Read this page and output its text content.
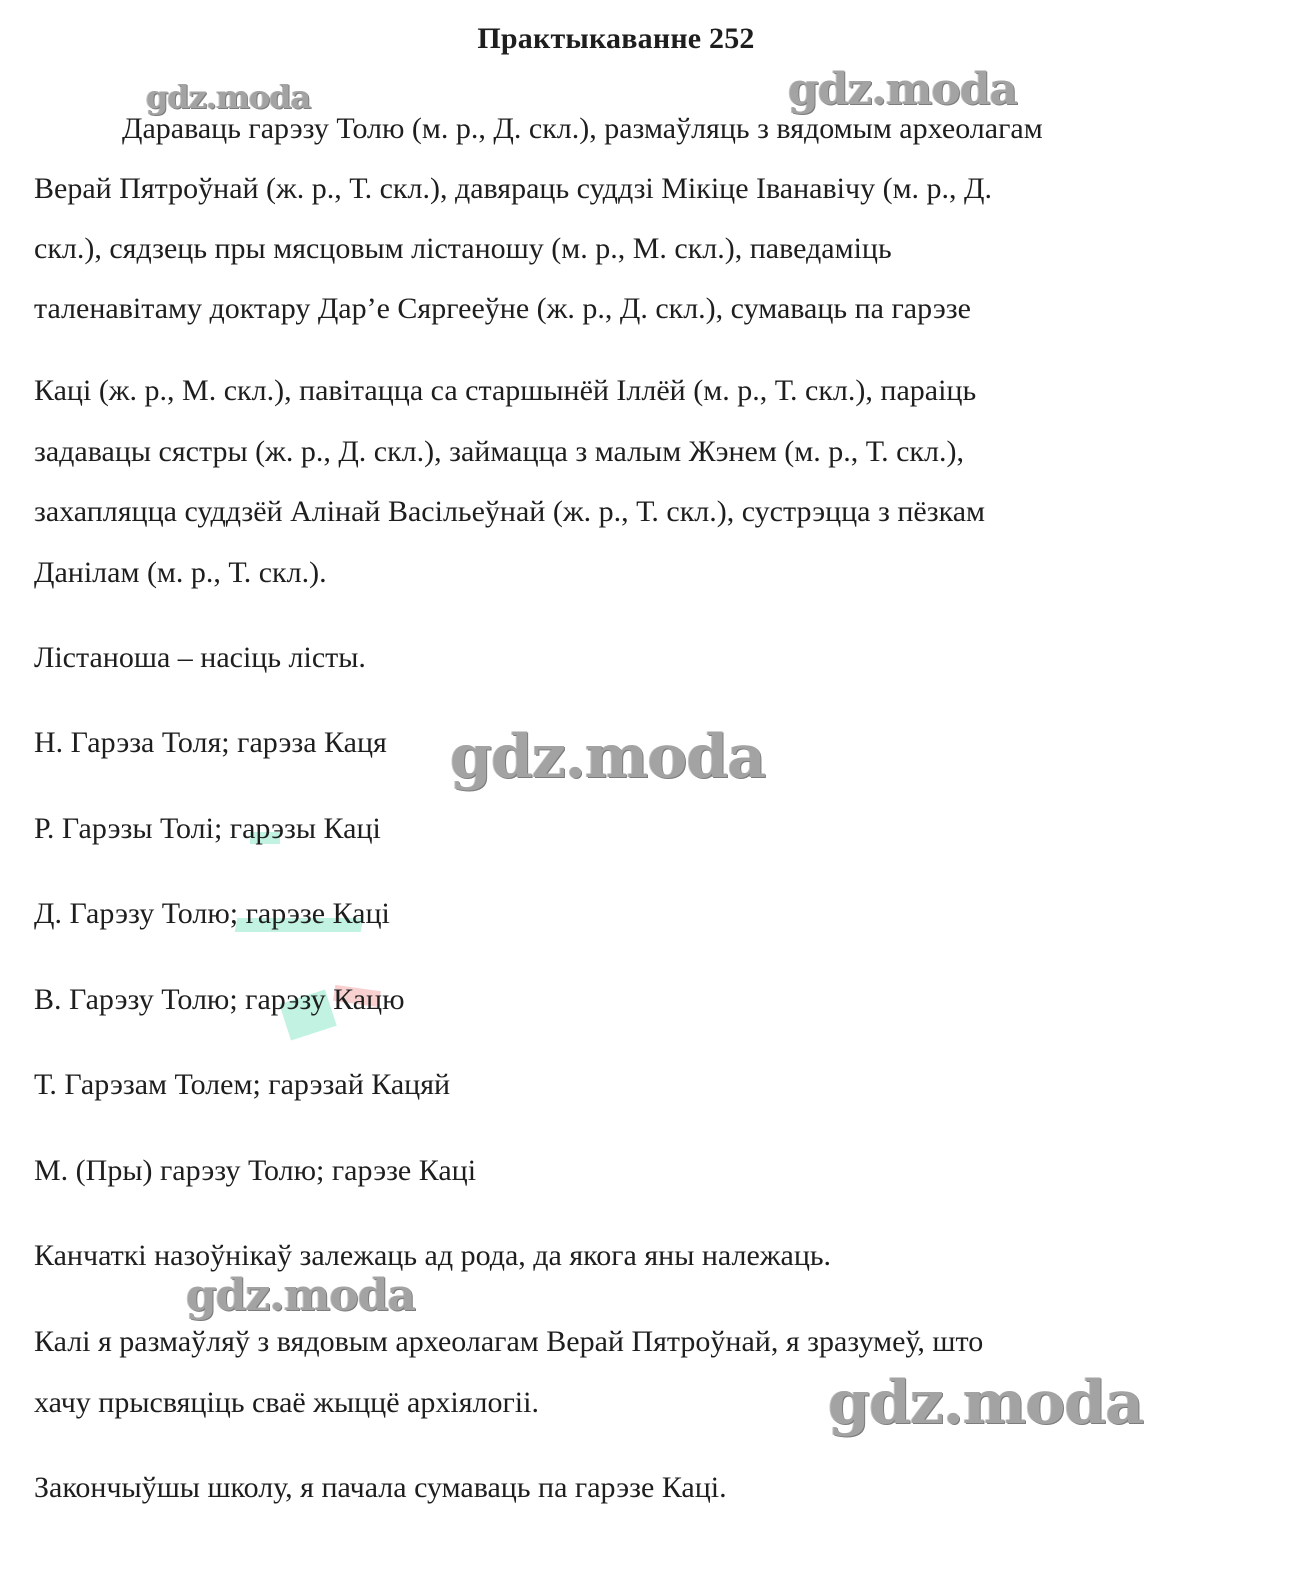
gdz.moda	gdz.moda
gdz.moda
gdz.moda
gdz.moda
Практыкаванне 252
Дараваць гарэзу Толю (м. р., Д. скл.), размаўляць з вядомым археолагам
Верай Пятроўнай (ж. р., Т. скл.), давяраць суддзі Мікіце Іванавічу (м. р., Д.
скл.), сядзець пры мясцовым лістаношу (м. р., М. скл.), паведаміць
таленавітаму доктару Дар’е Сяргееўне (ж. р., Д. скл.), сумаваць па гарэзе
Каці (ж. р., М. скл.), павітацца са старшынёй Іллёй (м. р., Т. скл.), параіць
задавацы сястры (ж. р., Д. скл.), займацца з малым Жэнем (м. р., Т. скл.),
захапляцца суддзёй Алінай Васільеўнай (ж. р., Т. скл.), сустрэцца з пёзкам
Данілам (м. р., Т. скл.).
Лістаноша – насіць лісты.
Н. Гарэза Толя; гарэза Каця
Р. Гарэзы Толі; гарэзы Каці
Д. Гарэзу Толю; гарэзе Каці
В. Гарэзу Толю; гарэзу Кацю
Т. Гарэзам Толем; гарэзай Кацяй
М. (Пры) гарэзу Толю; гарэзе Каці
Канчаткі назоўнікаў залежаць ад рода, да якога яны належаць.
Калі я размаўляў з вядовым археолагам Верай Пятроўнай, я зразумеў, што
хачу прысвяціць сваё жыццё архіялогіі.
Закончыўшы школу, я пачала сумаваць па гарэзе Каці.
